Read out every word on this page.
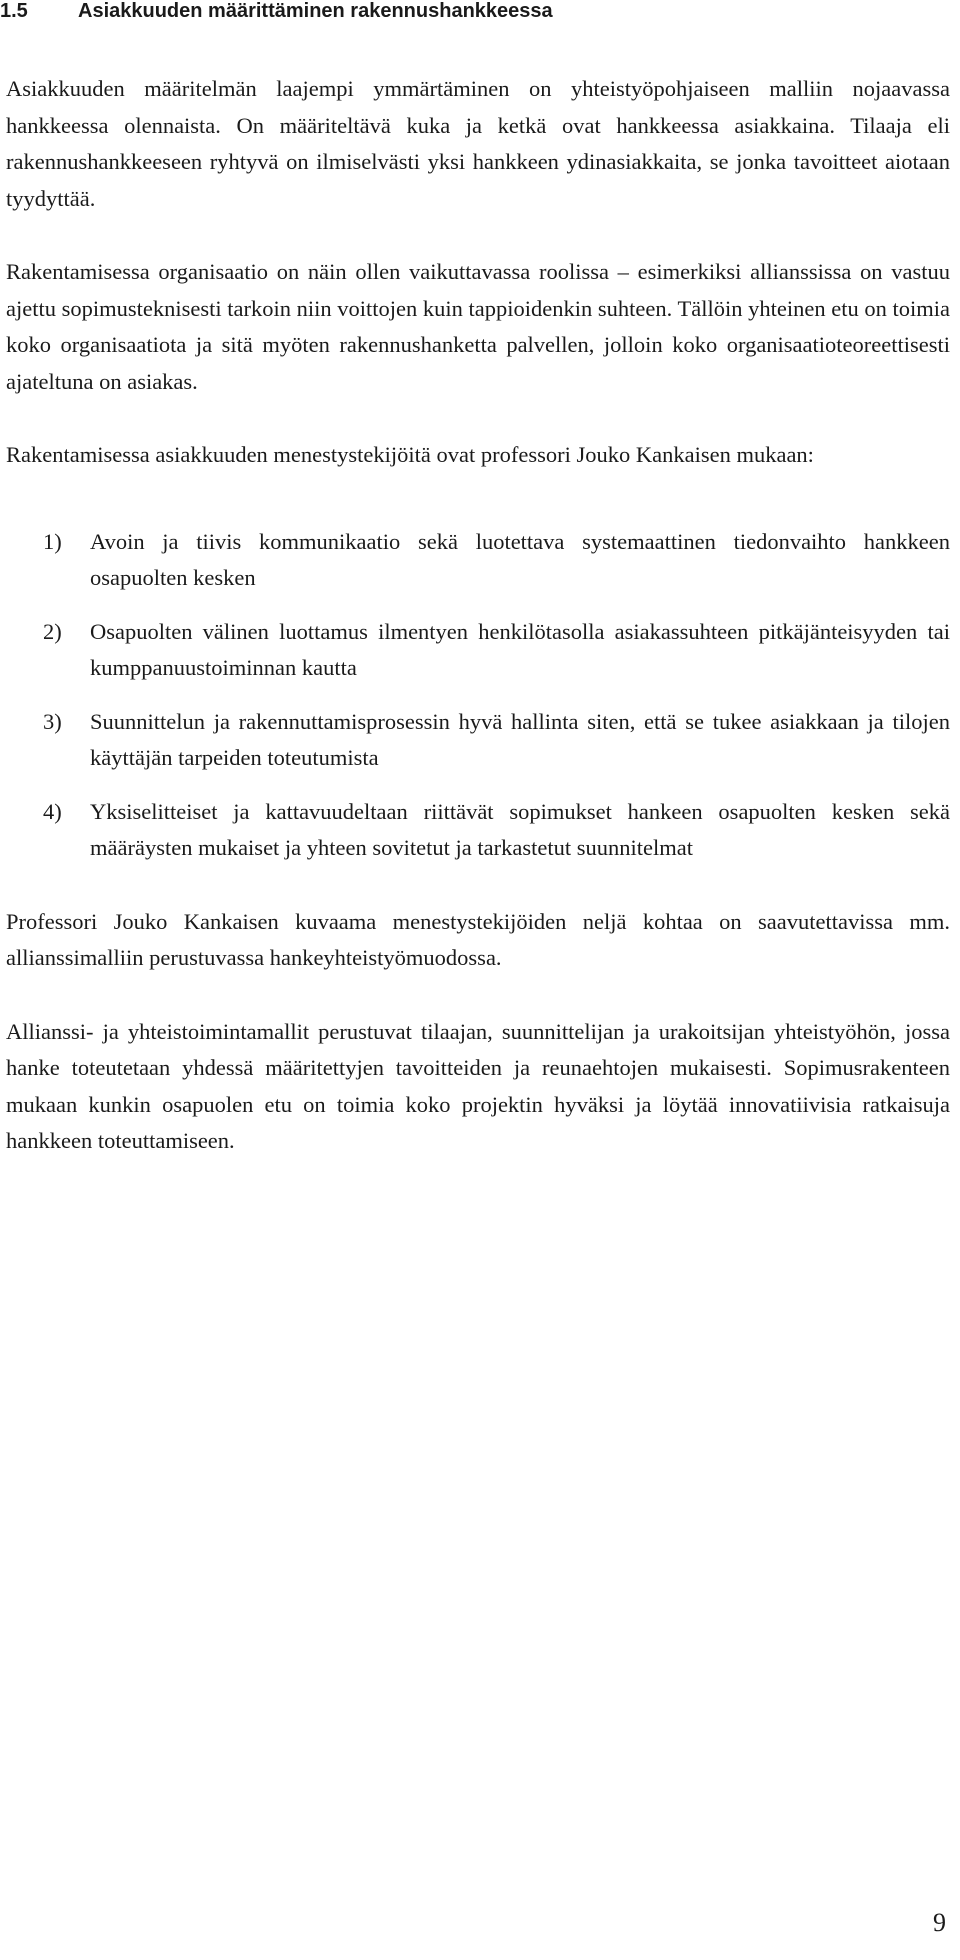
1.5	Asiakkuuden määrittäminen rakennushankkeessa

Asiakkuuden määritelmän laajempi ymmärtäminen on yhteistyöpohjaiseen malliin nojaavassa hankkeessa olennaista. On määriteltävä kuka ja ketkä ovat hankkeessa asiakkaina. Tilaaja eli rakennushankkeeseen ryhtyvä on ilmiselvästi yksi hankkeen ydinasiakkaita, se jonka tavoitteet aiotaan tyydyttää.

Rakentamisessa organisaatio on näin ollen vaikuttavassa roolissa – esimerkiksi allianssissa on vastuu ajettu sopimusteknisesti tarkoin niin voittojen kuin tappioidenkin suhteen. Tällöin yhteinen etu on toimia koko organisaatiota ja sitä myöten rakennushanketta palvellen, jolloin koko organisaatioteoreettisesti ajateltuna on asiakas.

Rakentamisessa asiakkuuden menestystekijöitä ovat professori Jouko Kankaisen mukaan:

1) Avoin ja tiivis kommunikaatio sekä luotettava systemaattinen tiedonvaihto hankkeen osapuolten kesken
2) Osapuolten välinen luottamus ilmentyen henkilötasolla asiakassuhteen pitkäjänteisyyden tai kumppanuustoiminnan kautta
3) Suunnittelun ja rakennuttamisprosessin hyvä hallinta siten, että se tukee asiakkaan ja tilojen käyttäjän tarpeiden toteutumista
4) Yksiselitteiset ja kattavuudeltaan riittävät sopimukset hankeen osapuolten kesken sekä määräysten mukaiset ja yhteen sovitetut ja tarkastetut suunnitelmat

Professori Jouko Kankaisen kuvaama menestystekijöiden neljä kohtaa on saavutettavissa mm. allianssimalliin perustuvassa hankeyhteistyömuodossa.

Allianssi- ja yhteistoimintamallit perustuvat tilaajan, suunnittelijan ja urakoitsijan yhteistyöhön, jossa hanke toteutetaan yhdessä määritettyjen tavoitteiden ja reunaehtojen mukaisesti. Sopimusrakenteen mukaan kunkin osapuolen etu on toimia koko projektin hyväksi ja löytää innovatiivisia ratkaisuja hankkeen toteuttamiseen.

9
